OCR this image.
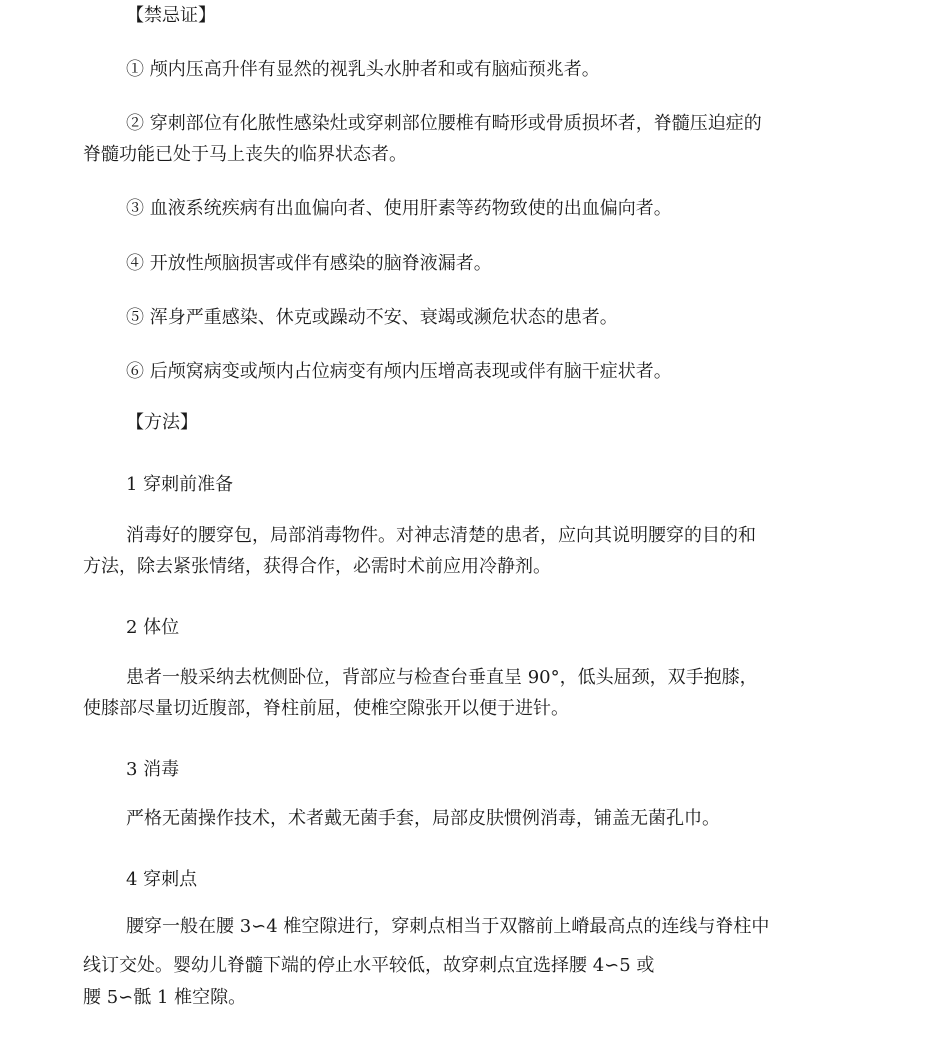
【禁忌证】
① 颅内压高升伴有显然的视乳头水肿者和或有脑疝预兆者。
② 穿刺部位有化脓性感染灶或穿刺部位腰椎有畸形或骨质损坏者，脊髓压迫症的
脊髓功能已处于马上丧失的临界状态者。
③ 血液系统疾病有出血偏向者、使用肝素等药物致使的出血偏向者。
④ 开放性颅脑损害或伴有感染的脑脊液漏者。
⑤ 浑身严重感染、休克或躁动不安、衰竭或濒危状态的患者。
⑥ 后颅窝病变或颅内占位病变有颅内压增高表现或伴有脑干症状者。
【方法】
1 穿刺前准备
消毒好的腰穿包，局部消毒物件。对神志清楚的患者，应向其说明腰穿的目的和
方法，除去紧张情绪，获得合作，必需时术前应用冷静剂。
2 体位
患者一般采纳去枕侧卧位，背部应与检查台垂直呈 90°，低头屈颈，双手抱膝，
使膝部尽量切近腹部，脊柱前屈，使椎空隙张开以便于进针。
3 消毒
严格无菌操作技术，术者戴无菌手套，局部皮肤惯例消毒，铺盖无菌孔巾。
4 穿刺点
腰穿一般在腰 3∽4 椎空隙进行，穿刺点相当于双髂前上嵴最高点的连线与脊柱中
线订交处。婴幼儿脊髓下端的停止水平较低，故穿刺点宜选择腰 4∽5 或
腰 5∽骶 1 椎空隙。
